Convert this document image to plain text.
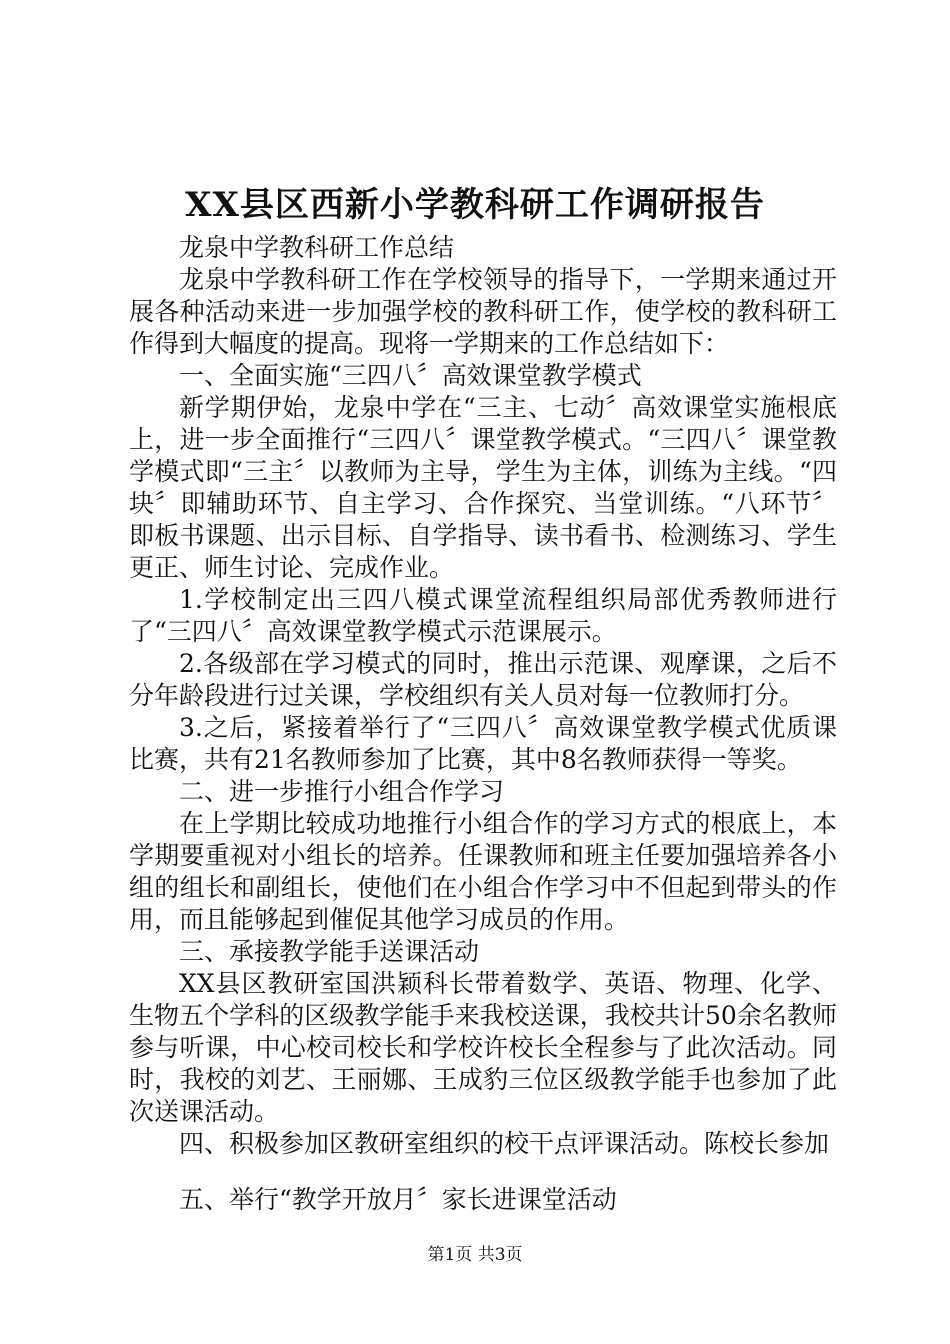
XX县区西新小学教科研工作调研报告

龙泉中学教科研工作总结

龙泉中学教科研工作在学校领导的指导下，一学期来通过开展各种活动来进一步加强学校的教科研工作，使学校的教科研工作得到大幅度的提高。现将一学期来的工作总结如下：

一、全面实施“三四八〞高效课堂教学模式

新学期伊始，龙泉中学在“三主、七动〞高效课堂实施根底上，进一步全面推行“三四八〞课堂教学模式。“三四八〞课堂教学模式即“三主〞以教师为主导，学生为主体，训练为主线。“四块〞即辅助环节、自主学习、合作探究、当堂训练。“八环节〞即板书课题、出示目标、自学指导、读书看书、检测练习、学生更正、师生讨论、完成作业。

1.学校制定出三四八模式课堂流程组织局部优秀教师进行了“三四八〞高效课堂教学模式示范课展示。

2.各级部在学习模式的同时，推出示范课、观摩课，之后不分年龄段进行过关课，学校组织有关人员对每一位教师打分。

3.之后，紧接着举行了“三四八〞高效课堂教学模式优质课比赛，共有21名教师参加了比赛，其中8名教师获得一等奖。

二、进一步推行小组合作学习

在上学期比较成功地推行小组合作的学习方式的根底上，本学期要重视对小组长的培养。任课教师和班主任要加强培养各小组的组长和副组长，使他们在小组合作学习中不但起到带头的作用，而且能够起到催促其他学习成员的作用。

三、承接教学能手送课活动

XX县区教研室国洪颖科长带着数学、英语、物理、化学、生物五个学科的区级教学能手来我校送课，我校共计50余名教师参与听课，中心校司校长和学校许校长全程参与了此次活动。同时，我校的刘艺、王丽娜、王成豹三位区级教学能手也参加了此次送课活动。

四、积极参加区教研室组织的校干点评课活动。陈校长参加

五、举行“教学开放月〞家长进课堂活动

第1页 共3页
